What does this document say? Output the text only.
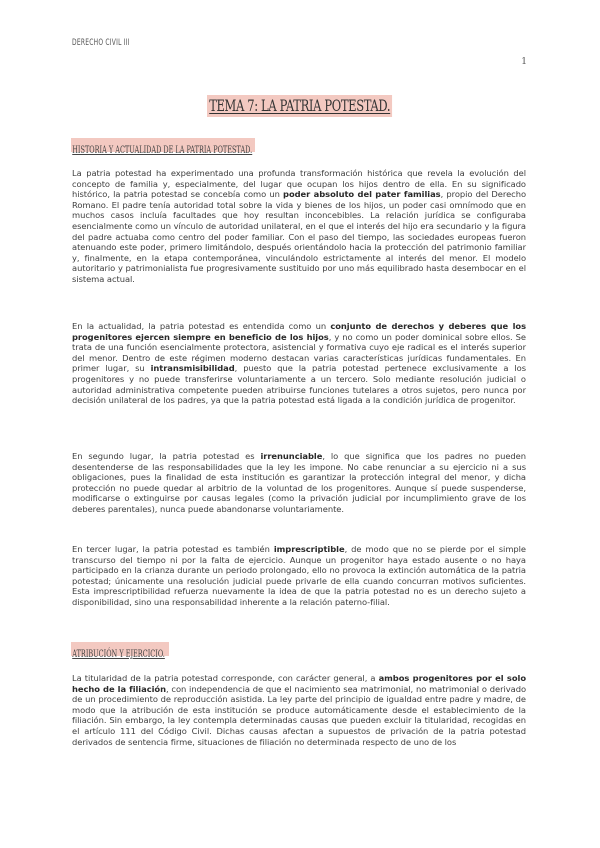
DERECHO CIVIL III
1
TEMA 7: LA PATRIA POTESTAD.
HISTORIA Y ACTUALIDAD DE LA PATRIA POTESTAD.
La patria potestad ha experimentado una profunda transformación histórica que revela la evolución del concepto de familia y, especialmente, del lugar que ocupan los hijos dentro de ella. En su significado histórico, la patria potestad se concebía como un poder absoluto del pater familias, propio del Derecho Romano. El padre tenía autoridad total sobre la vida y bienes de los hijos, un poder casi omnímodo que en muchos casos incluía facultades que hoy resultan inconcebibles. La relación jurídica se configuraba esencialmente como un vínculo de autoridad unilateral, en el que el interés del hijo era secundario y la figura del padre actuaba como centro del poder familiar. Con el paso del tiempo, las sociedades europeas fueron atenuando este poder, primero limitándolo, después orientándolo hacia la protección del patrimonio familiar y, finalmente, en la etapa contemporánea, vinculándolo estrictamente al interés del menor. El modelo autoritario y patrimonialista fue progresivamente sustituido por uno más equilibrado hasta desembocar en el sistema actual.
En la actualidad, la patria potestad es entendida como un conjunto de derechos y deberes que los progenitores ejercen siempre en beneficio de los hijos, y no como un poder dominical sobre ellos. Se trata de una función esencialmente protectora, asistencial y formativa cuyo eje radical es el interés superior del menor. Dentro de este régimen moderno destacan varias características jurídicas fundamentales. En primer lugar, su intransmisibilidad, puesto que la patria potestad pertenece exclusivamente a los progenitores y no puede transferirse voluntariamente a un tercero. Solo mediante resolución judicial o autoridad administrativa competente pueden atribuirse funciones tutelares a otros sujetos, pero nunca por decisión unilateral de los padres, ya que la patria potestad está ligada a la condición jurídica de progenitor.
En segundo lugar, la patria potestad es irrenunciable, lo que significa que los padres no pueden desentenderse de las responsabilidades que la ley les impone. No cabe renunciar a su ejercicio ni a sus obligaciones, pues la finalidad de esta institución es garantizar la protección integral del menor, y dicha protección no puede quedar al arbitrio de la voluntad de los progenitores. Aunque sí puede suspenderse, modificarse o extinguirse por causas legales (como la privación judicial por incumplimiento grave de los deberes parentales), nunca puede abandonarse voluntariamente.
En tercer lugar, la patria potestad es también imprescriptible, de modo que no se pierde por el simple transcurso del tiempo ni por la falta de ejercicio. Aunque un progenitor haya estado ausente o no haya participado en la crianza durante un periodo prolongado, ello no provoca la extinción automática de la patria potestad; únicamente una resolución judicial puede privarle de ella cuando concurran motivos suficientes. Esta imprescriptibilidad refuerza nuevamente la idea de que la patria potestad no es un derecho sujeto a disponibilidad, sino una responsabilidad inherente a la relación paterno-filial.
ATRIBUCIÓN Y EJERCICIO.
La titularidad de la patria potestad corresponde, con carácter general, a ambos progenitores por el solo hecho de la filiación, con independencia de que el nacimiento sea matrimonial, no matrimonial o derivado de un procedimiento de reproducción asistida. La ley parte del principio de igualdad entre padre y madre, de modo que la atribución de esta institución se produce automáticamente desde el establecimiento de la filiación. Sin embargo, la ley contempla determinadas causas que pueden excluir la titularidad, recogidas en el artículo 111 del Código Civil. Dichas causas afectan a supuestos de privación de la patria potestad derivados de sentencia firme, situaciones de filiación no determinada respecto de uno de los
